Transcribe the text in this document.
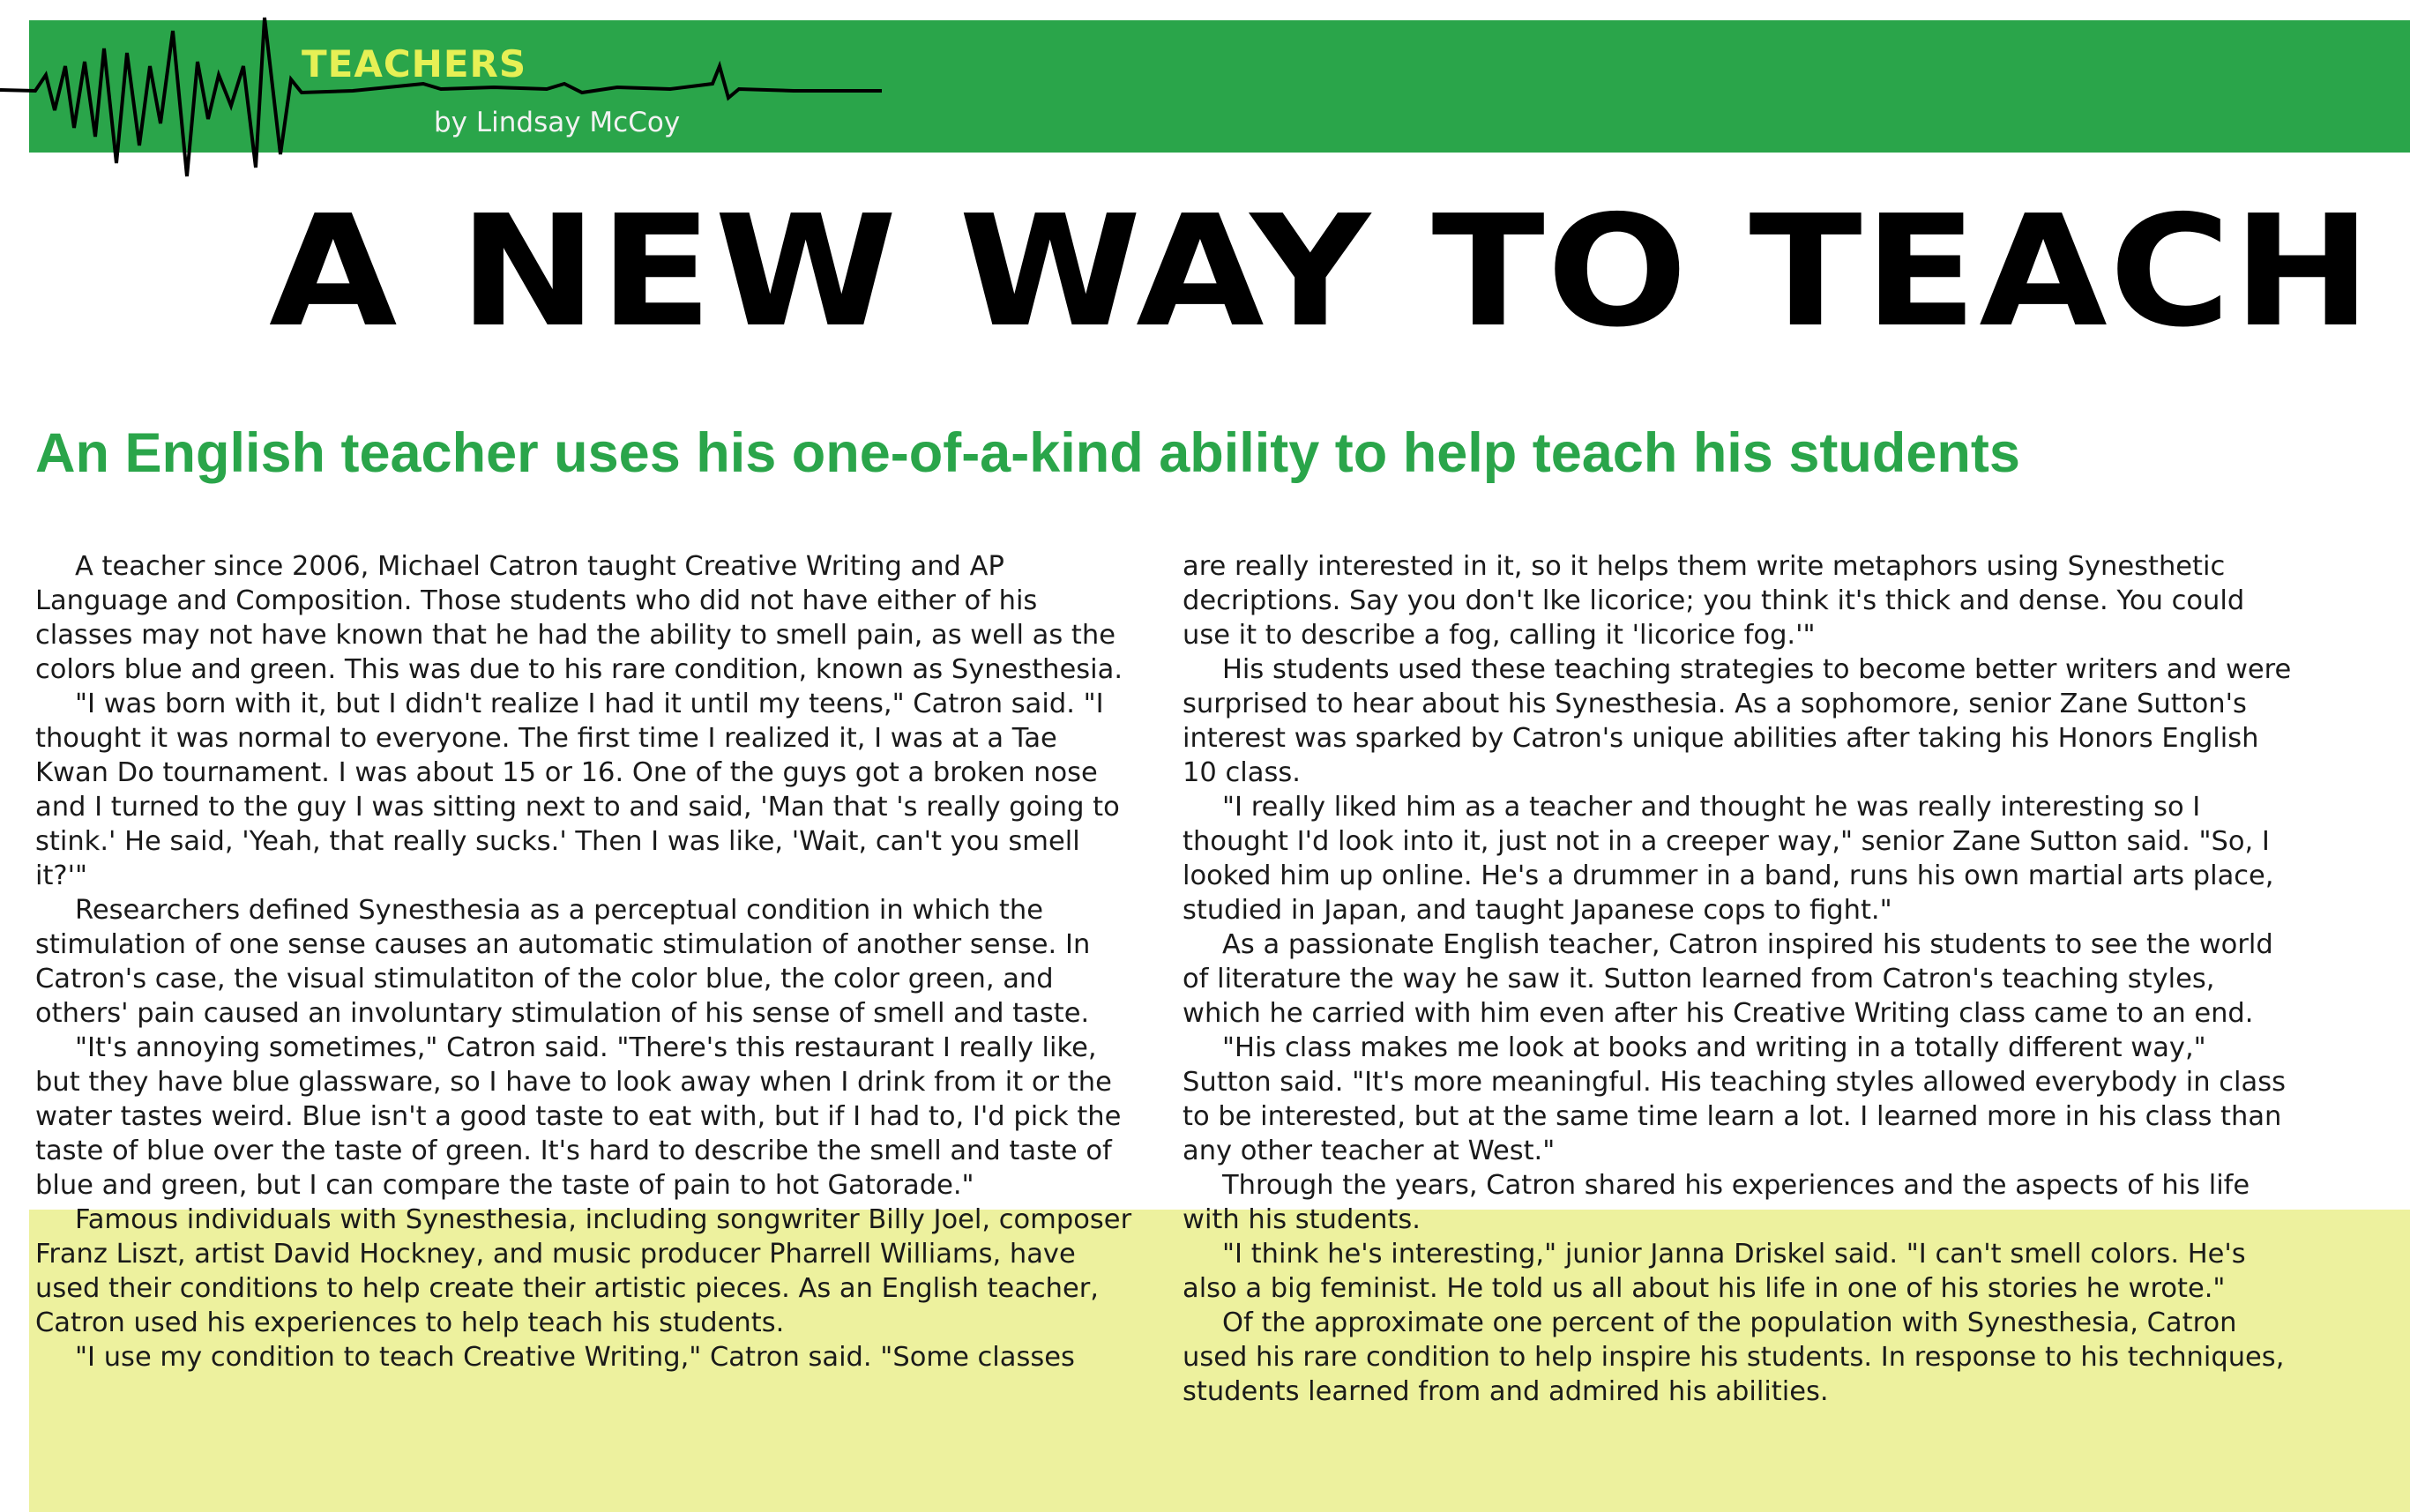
TEACHERS
by Lindsay McCoy
A NEW WAY TO TEACH
An English teacher uses his one-of-a-kind ability to help teach his students

A teacher since 2006, Michael Catron taught Creative Writing and AP Language and Composition. Those students who did not have either of his classes may not have known that he had the ability to smell pain, as well as the colors blue and green. This was due to his rare condition, known as Synesthesia.

"I was born with it, but I didn't realize I had it until my teens," Catron said. "I thought it was normal to everyone. The first time I realized it, I was at a Tae Kwan Do tournament. I was about 15 or 16. One of the guys got a broken nose and I turned to the guy I was sitting next to and said, 'Man that 's really going to stink.' He said, 'Yeah, that really sucks.' Then I was like, 'Wait, can't you smell it?'"

Researchers defined Synesthesia as a perceptual condition in which the stimulation of one sense causes an automatic stimulation of another sense. In Catron's case, the visual stimulatiton of the color blue, the color green, and others' pain caused an involuntary stimulation of his sense of smell and taste.

"It's annoying sometimes," Catron said. "There's this restaurant I really like, but they have blue glassware, so I have to look away when I drink from it or the water tastes weird. Blue isn't a good taste to eat with, but if I had to, I'd pick the taste of blue over the taste of green. It's hard to describe the smell and taste of blue and green, but I can compare the taste of pain to hot Gatorade."

Famous individuals with Synesthesia, including songwriter Billy Joel, composer Franz Liszt, artist David Hockney, and music producer Pharrell Williams, have used their conditions to help create their artistic pieces. As an English teacher, Catron used his experiences to help teach his students.

"I use my condition to teach Creative Writing," Catron said. "Some classes

are really interested in it, so it helps them write metaphors using Synesthetic decriptions. Say you don't lke licorice; you think it's thick and dense. You could use it to describe a fog, calling it 'licorice fog.'"

His students used these teaching strategies to become better writers and were surprised to hear about his Synesthesia. As a sophomore, senior Zane Sutton's interest was sparked by Catron's unique abilities after taking his Honors English 10 class.

"I really liked him as a teacher and thought he was really interesting so I thought I'd look into it, just not in a creeper way," senior Zane Sutton said. "So, I looked him up online. He's a drummer in a band, runs his own martial arts place, studied in Japan, and taught Japanese cops to fight."

As a passionate English teacher, Catron inspired his students to see the world of literature the way he saw it. Sutton learned from Catron's teaching styles, which he carried with him even after his Creative Writing class came to an end.

"His class makes me look at books and writing in a totally different way," Sutton said. "It's more meaningful. His teaching styles allowed everybody in class to be interested, but at the same time learn a lot. I learned more in his class than any other teacher at West."

Through the years, Catron shared his experiences and the aspects of his life with his students.

"I think he's interesting," junior Janna Driskel said. "I can't smell colors. He's also a big feminist. He told us all about his life in one of his stories he wrote."

Of the approximate one percent of the population with Synesthesia, Catron used his rare condition to help inspire his students. In response to his techniques, students learned from and admired his abilities.
